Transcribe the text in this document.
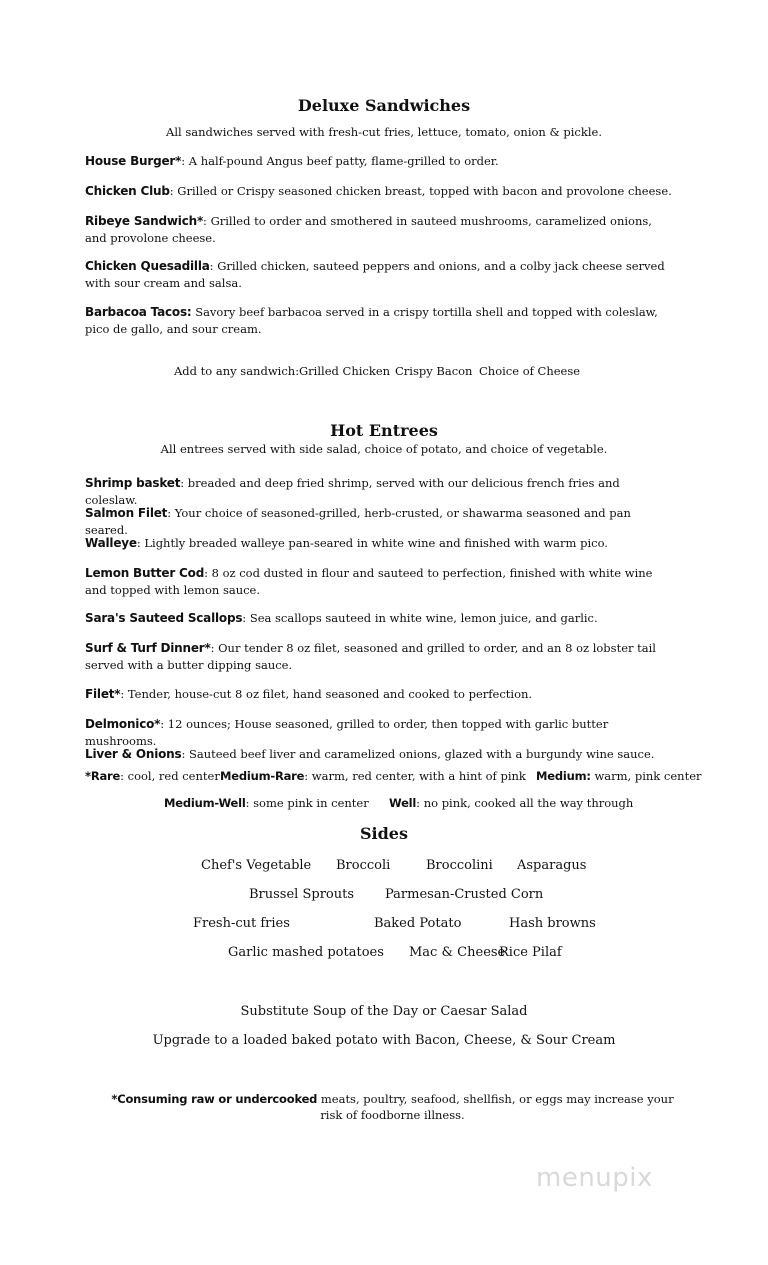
Deluxe Sandwiches
All sandwiches served with fresh-cut fries, lettuce, tomato, onion & pickle.
House Burger*: A half-pound Angus beef patty, flame-grilled to order.
Chicken Club: Grilled or Crispy seasoned chicken breast, topped with bacon and provolone cheese.
Ribeye Sandwich*: Grilled to order and smothered in sauteed mushrooms, caramelized onions, and provolone cheese.
Chicken Quesadilla: Grilled chicken, sauteed peppers and onions, and a colby jack cheese served with sour cream and salsa.
Barbacoa Tacos: Savory beef barbacoa served in a crispy tortilla shell and topped with coleslaw, pico de gallo, and sour cream.
Add to any sandwich: Grilled Chicken Crispy Bacon Choice of Cheese
Hot Entrees
All entrees served with side salad, choice of potato, and choice of vegetable.
Shrimp basket: breaded and deep fried shrimp, served with our delicious french fries and coleslaw.
Salmon Filet: Your choice of seasoned-grilled, herb-crusted, or shawarma seasoned and pan seared.
Walleye: Lightly breaded walleye pan-seared in white wine and finished with warm pico.
Lemon Butter Cod: 8 oz cod dusted in flour and sauteed to perfection, finished with white wine and topped with lemon sauce.
Sara's Sauteed Scallops: Sea scallops sauteed in white wine, lemon juice, and garlic.
Surf & Turf Dinner*: Our tender 8 oz filet, seasoned and grilled to order, and an 8 oz lobster tail served with a butter dipping sauce.
Filet*: Tender, house-cut 8 oz filet, hand seasoned and cooked to perfection.
Delmonico*: 12 ounces; House seasoned, grilled to order, then topped with garlic butter mushrooms.
Liver & Onions: Sauteed beef liver and caramelized onions, glazed with a burgundy wine sauce.
*Rare: cool, red center Medium-Rare: warm, red center, with a hint of pink Medium: warm, pink center
Medium-Well: some pink in center Well: no pink, cooked all the way through
Sides
Chef's Vegetable Broccoli	Broccolini Asparagus
Brussel Sprouts Parmesan-Crusted Corn
Fresh-cut fries	Baked Potato	Hash browns
Garlic mashed potatoes Mac & Cheese
Rice Pilaf
Substitute Soup of the Day or Caesar Salad
Upgrade to a loaded baked potato with Bacon, Cheese, & Sour Cream
*Consuming raw or undercooked meats, poultry, seafood, shellfish, or eggs may increase your risk of foodborne illness.
menupix
